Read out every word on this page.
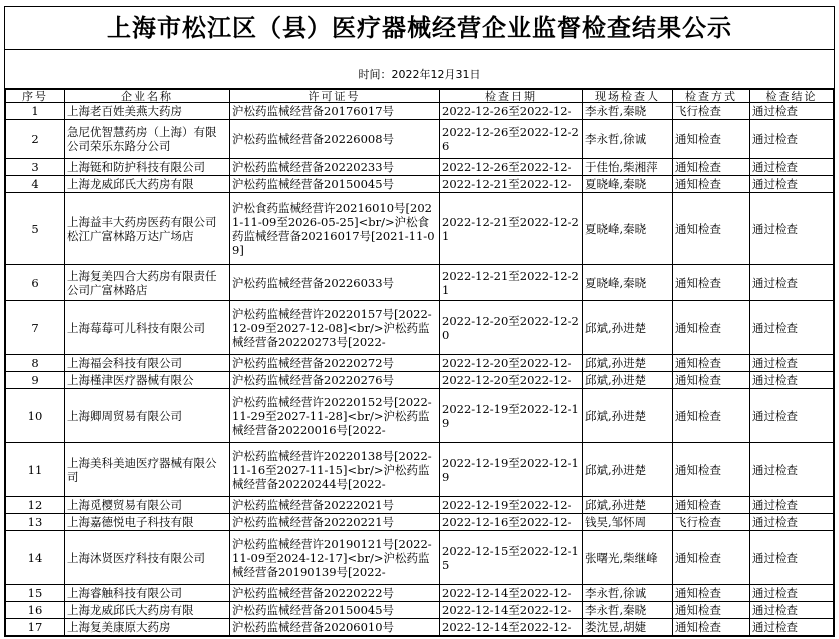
上海市松江区（县）医疗器械经营企业监督检查结果公示
时间：2022年12月31日
序号	企业名称	许可证号	检查日期	现场检查人	检查方式	检查结论

1	上海老百姓美燕大药房	沪松药监械经营备20176017号	2022-12-26至2022-12-	李永哲,秦晓	飞行检查	通过检查

2	急尼优智慧药房（上海）有限公司荣乐东路分公司	沪松药监械经营备20226008号	2022-12-26至2022-12-26	李永哲,徐诚	通知检查	通过检查

3	上海铤和防护科技有限公司	沪松药监械经营备20220233号	2022-12-26至2022-12-	于佳怡,柴湘萍	通知检查	通过检查

4	上海龙威邱氏大药房有限	沪松药监械经营备20150045号	2022-12-21至2022-12-	夏晓峰,秦晓	通知检查	通过检查

5	上海益丰大药房医药有限公司松江广富林路万达广场店	沪松食药监械经营许20216010号[2021-11-09至2026-05-25]<br/>沪松食药监械经营备20216017号[2021-11-09]	2022-12-21至2022-12-21	夏晓峰,秦晓	通知检查	通过检查

6	上海复美四合大药房有限责任公司广富林路店	沪松药监械经营备20226033号	2022-12-21至2022-12-21	夏晓峰,秦晓	通知检查	通过检查

7	上海莓莓可儿科技有限公司	沪松药监械经营许20220157号[2022-12-09至2027-12-08]<br/>沪松药监械经营备20220273号[2022-	2022-12-20至2022-12-20	邱斌,孙进楚	通知检查	通过检查

8	上海福会科技有限公司	沪松药监械经营备20220272号	2022-12-20至2022-12-	邱斌,孙进楚	通知检查	通过检查

9	上海槿津医疗器械有限公	沪松药监械经营备20220276号	2022-12-20至2022-12-	邱斌,孙进楚	通知检查	通过检查

10	上海卿周贸易有限公司	沪松药监械经营许20220152号[2022-11-29至2027-11-28]<br/>沪松药监械经营备20220016号[2022-	2022-12-19至2022-12-19	邱斌,孙进楚	通知检查	通过检查

11	上海美科美迪医疗器械有限公司	沪松药监械经营许20220138号[2022-11-16至2027-11-15]<br/>沪松药监械经营备20220244号[2022-	2022-12-19至2022-12-19	邱斌,孙进楚	通知检查	通过检查

12	上海觅樱贸易有限公司	沪松药监械经营备20222021号	2022-12-19至2022-12-	邱斌,孙进楚	通知检查	通过检查

13	上海嘉德悦电子科技有限	沪松药监械经营备20220221号	2022-12-16至2022-12-	钱昊,邹怀周	飞行检查	通过检查

14	上海沐贤医疗科技有限公司	沪松药监械经营许20190121号[2022-11-09至2024-12-17]<br/>沪松药监械经营备20190139号[2022-	2022-12-15至2022-12-15	张曙光,柴继峰	通知检查	通过检查

15	上海睿触科技有限公司	沪松药监械经营备20220222号	2022-12-14至2022-12-	李永哲,徐诚	通知检查	通过检查

16	上海龙威邱氏大药房有限	沪松药监械经营备20150045号	2022-12-14至2022-12-	李永哲,秦晓	通知检查	通过检查

17	上海复美康原大药房	沪松药监械经营备20206010号	2022-12-14至2022-12-	娄沈昱,胡婕	通知检查	通过检查
